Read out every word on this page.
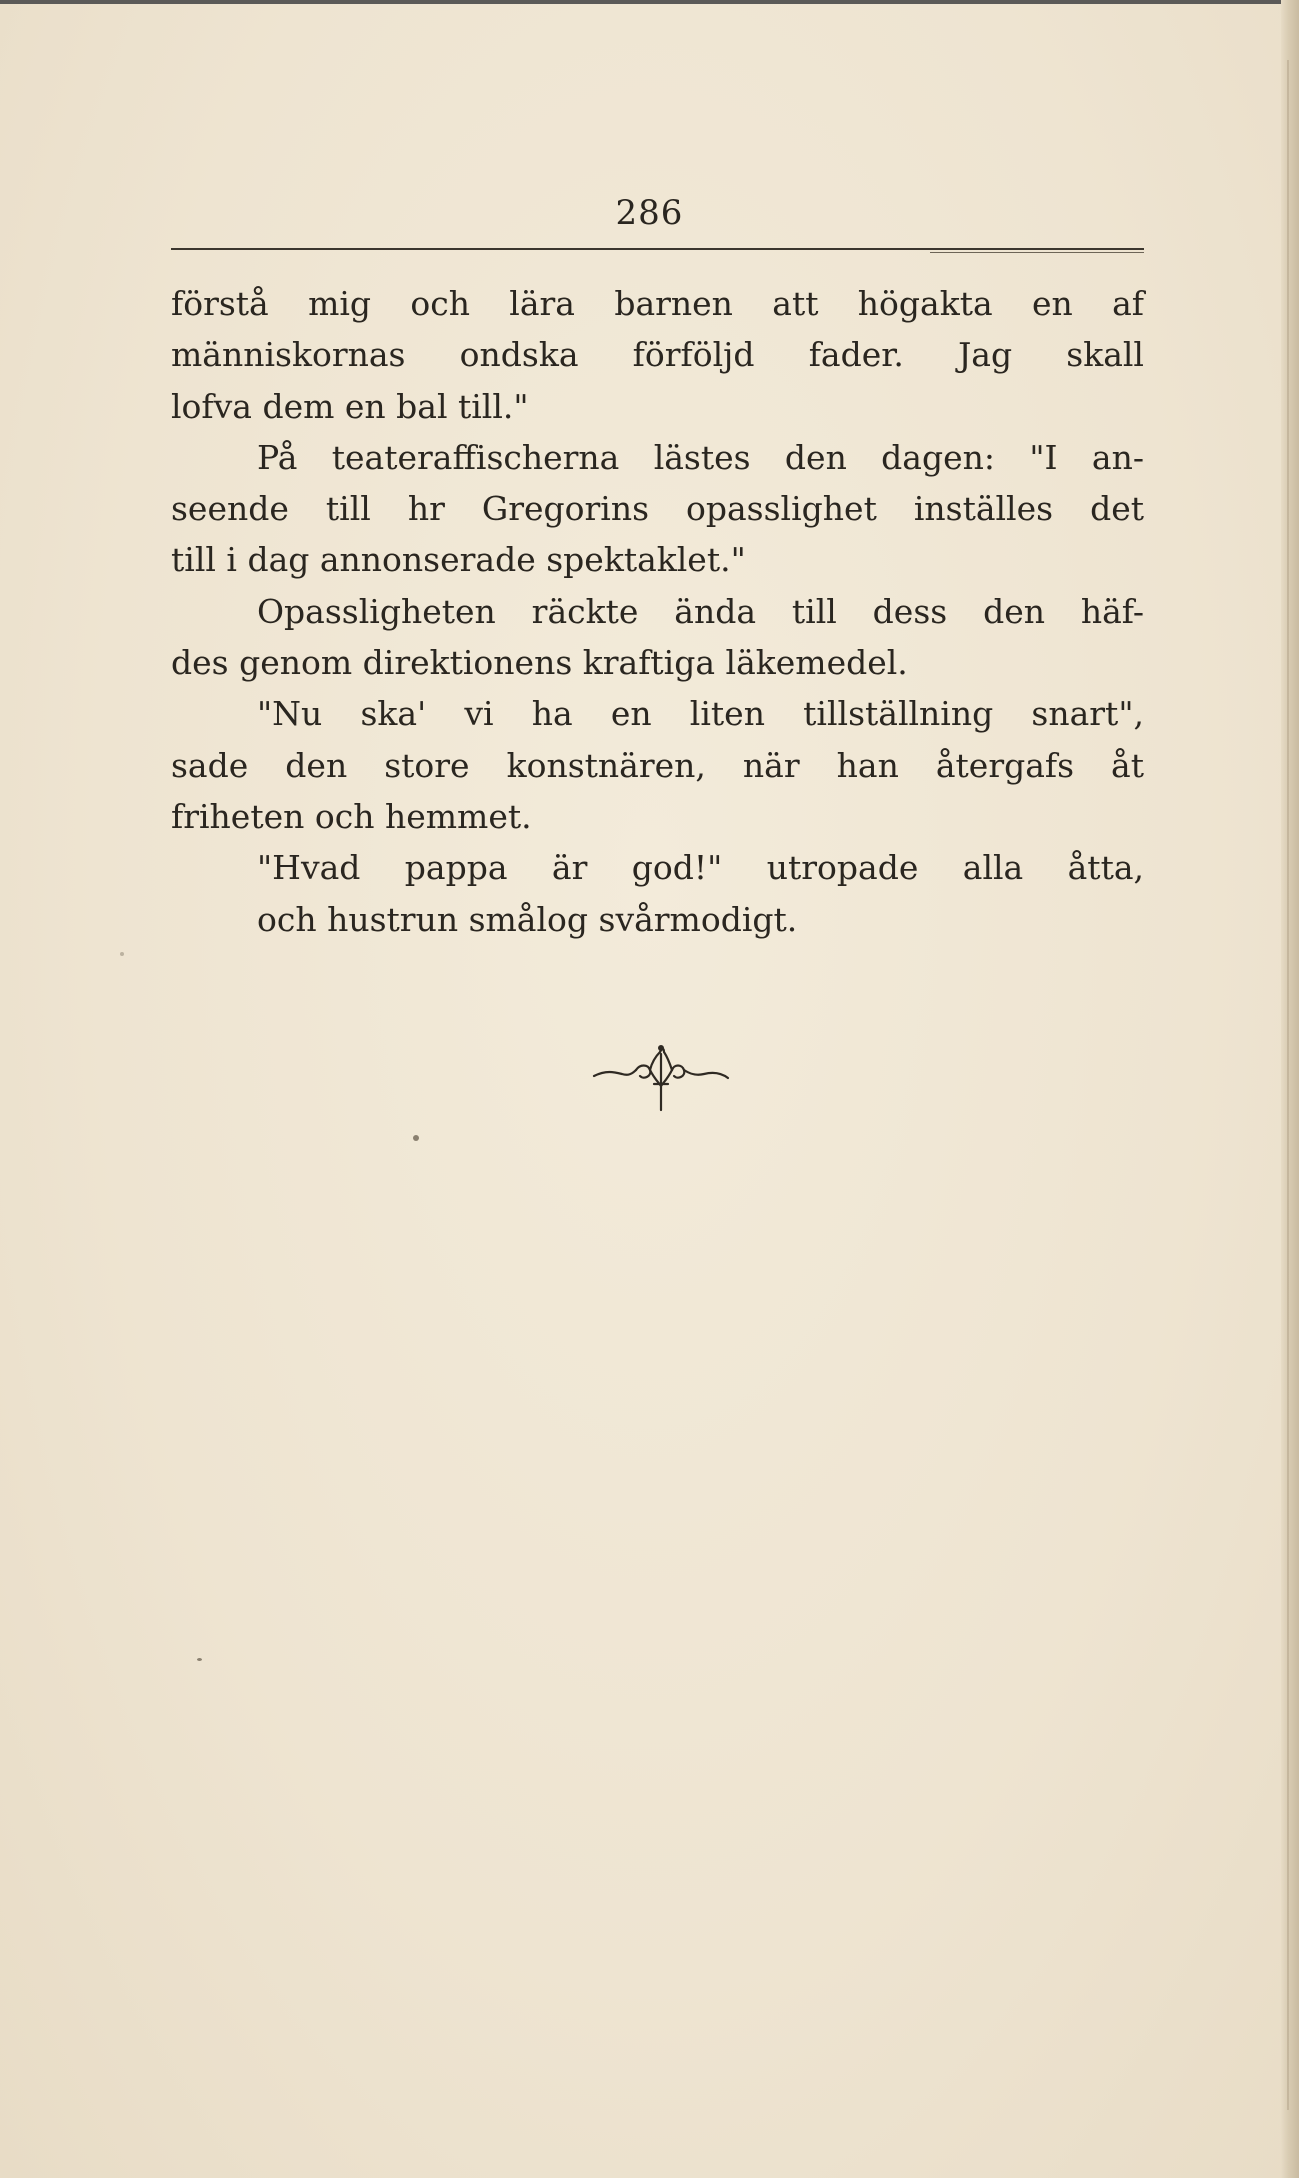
286
förstå mig och lära barnen att högakta en af
människornas ondska förföljd fader. Jag skall
lofva dem en bal till."
På teateraffischerna lästes den dagen: "I an-
seende till hr Gregorins opasslighet inställes det
till i dag annonserade spektaklet."
Opassligheten räckte ända till dess den häf-
des genom direktionens kraftiga läkemedel.
"Nu ska' vi ha en liten tillställning snart",
sade den store konstnären, när han återgafs åt
friheten och hemmet.
"Hvad pappa är god!" utropade alla åtta,
och hustrun smålog svårmodigt.
